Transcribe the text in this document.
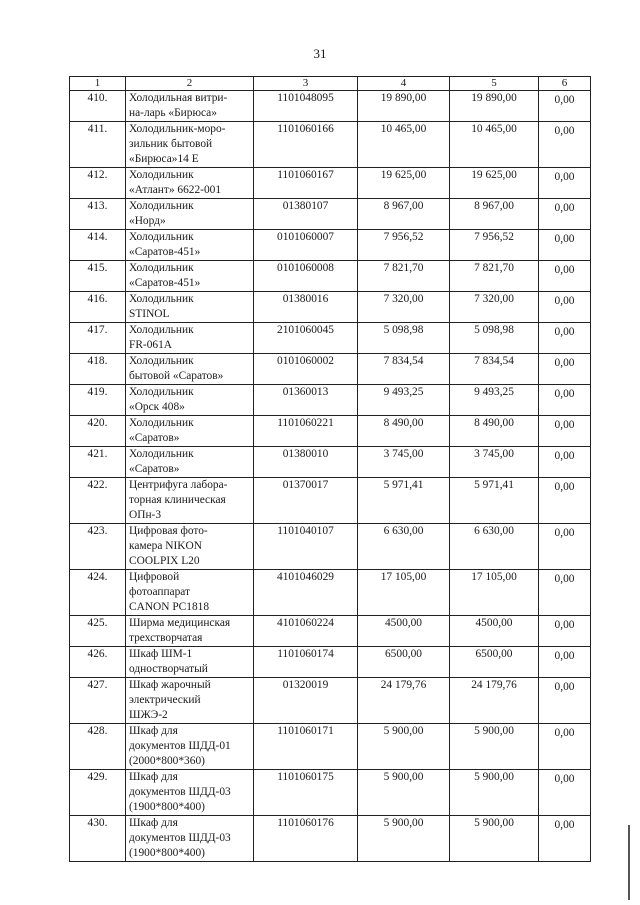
31
1	2	3	4	5	6
410.	Холодильная витри-
на-ларь «Бирюса»	1101048095	19 890,00	19 890,00	0,00
411.	Холодильник-моро-
зильник бытовой
«Бирюса»14 Е	1101060166	10 465,00	10 465,00	0,00
412.	Холодильник
«Атлант» 6622-001	1101060167	19 625,00	19 625,00	0,00
413.	Холодильник
«Норд»	01380107	8 967,00	8 967,00	0,00
414.	Холодильник
«Саратов-451»	0101060007	7 956,52	7 956,52	0,00
415.	Холодильник
«Саратов-451»	0101060008	7 821,70	7 821,70	0,00
416.	Холодильник
STINOL	01380016	7 320,00	7 320,00	0,00
417.	Холодильник
FR-061A	2101060045	5 098,98	5 098,98	0,00
418.	Холодильник
бытовой «Саратов»	0101060002	7 834,54	7 834,54	0,00
419.	Холодильник
«Орск 408»	01360013	9 493,25	9 493,25	0,00
420.	Холодильник
«Саратов»	1101060221	8 490,00	8 490,00	0,00
421.	Холодильник
«Саратов»	01380010	3 745,00	3 745,00	0,00
422.	Центрифуга лабора-
торная клиническая
ОПн-3	01370017	5 971,41	5 971,41	0,00
423.	Цифровая фото-
камера NIKON
COOLPIX L20	1101040107	6 630,00	6 630,00	0,00
424.	Цифровой
фотоаппарат
CANON PC1818	4101046029	17 105,00	17 105,00	0,00
425.	Ширма медицинская
трехстворчатая	4101060224	4500,00	4500,00	0,00
426.	Шкаф ШМ-1
одностворчатый	1101060174	6500,00	6500,00	0,00
427.	Шкаф жарочный
электрический
ШЖЭ-2	01320019	24 179,76	24 179,76	0,00
428.	Шкаф для
документов ШДД-01
(2000*800*360)	1101060171	5 900,00	5 900,00	0,00
429.	Шкаф для
документов ШДД-03
(1900*800*400)	1101060175	5 900,00	5 900,00	0,00
430.	Шкаф для
документов ШДД-03
(1900*800*400)	1101060176	5 900,00	5 900,00	0,00
